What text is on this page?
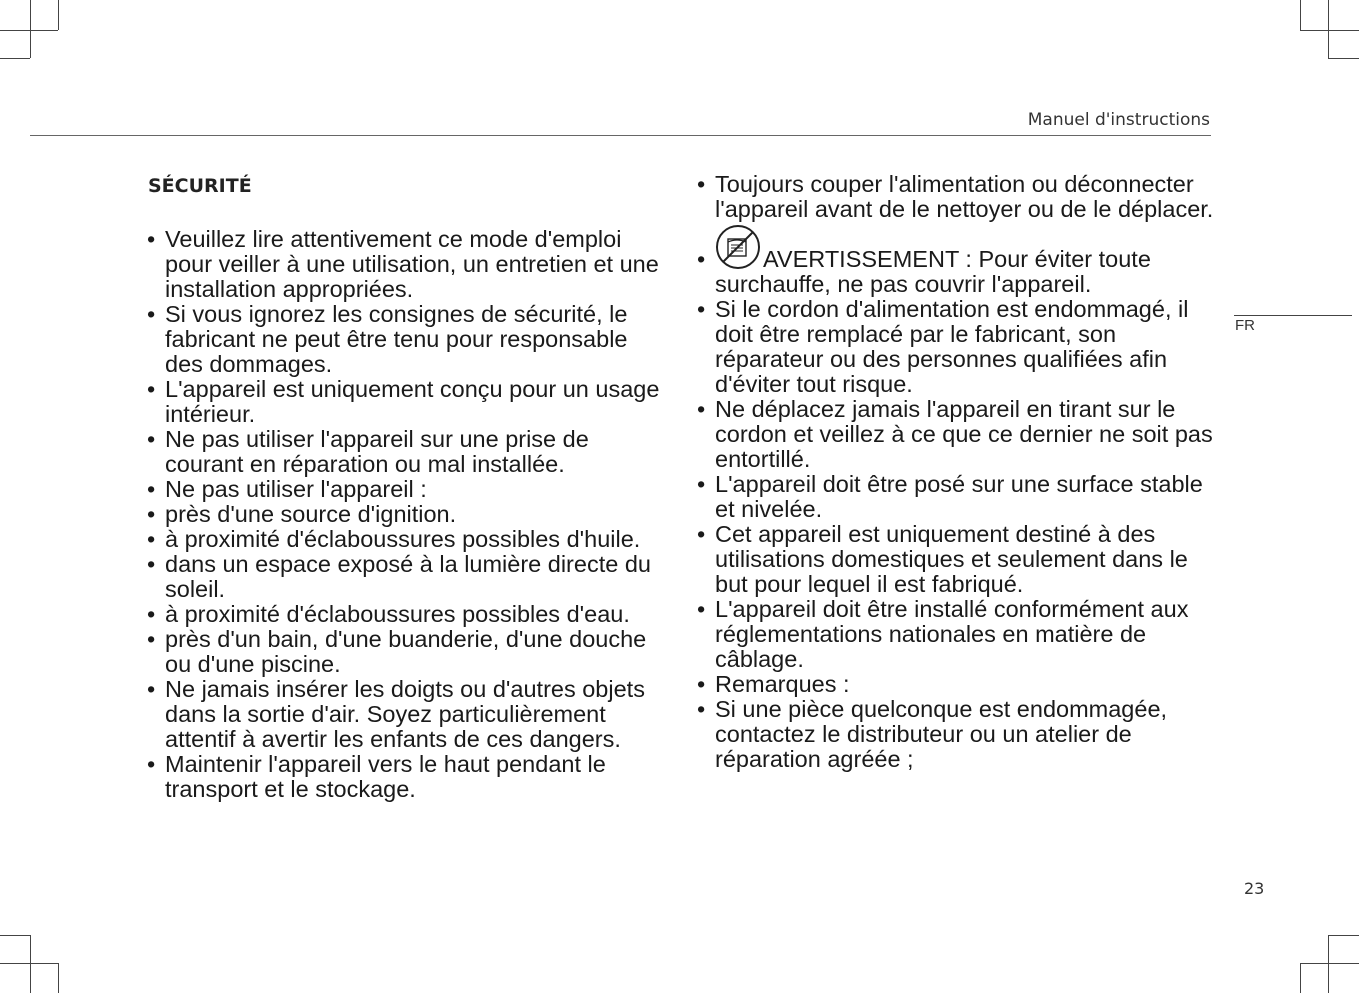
Manuel d'instructions
FR
SÉCURITÉ
• Veuillez lire attentivement ce mode d'emploi pour veiller à une utilisation, un entretien et une installation appropriées.
• Si vous ignorez les consignes de sécurité, le fabricant ne peut être tenu pour responsable des dommages.
• L'appareil est uniquement conçu pour un usage intérieur.
• Ne pas utiliser l'appareil sur une prise de courant en réparation ou mal installée.
• Ne pas utiliser l'appareil :
• près d'une source d'ignition.
• à proximité d'éclaboussures possibles d'huile.
• dans un espace exposé à la lumière directe du soleil.
• à proximité d'éclaboussures possibles d'eau.
• près d'un bain, d'une buanderie, d'une douche ou d'une piscine.
• Ne jamais insérer les doigts ou d'autres objets dans la sortie d'air. Soyez particulièrement attentif à avertir les enfants de ces dangers.
• Maintenir l'appareil vers le haut pendant le transport et le stockage.
• Toujours couper l'alimentation ou déconnecter l'appareil avant de le nettoyer ou de le déplacer.
• AVERTISSEMENT : Pour éviter toute surchauffe, ne pas couvrir l'appareil.
• Si le cordon d'alimentation est endommagé, il doit être remplacé par le fabricant, son réparateur ou des personnes qualifiées afin d'éviter tout risque.
• Ne déplacez jamais l'appareil en tirant sur le cordon et veillez à ce que ce dernier ne soit pas entortillé.
• L'appareil doit être posé sur une surface stable et nivelée.
• Cet appareil est uniquement destiné à des utilisations domestiques et seulement dans le but pour lequel il est fabriqué.
• L'appareil doit être installé conformément aux réglementations nationales en matière de câblage.
• Remarques :
• Si une pièce quelconque est endommagée, contactez le distributeur ou un atelier de réparation agréée ;
23
